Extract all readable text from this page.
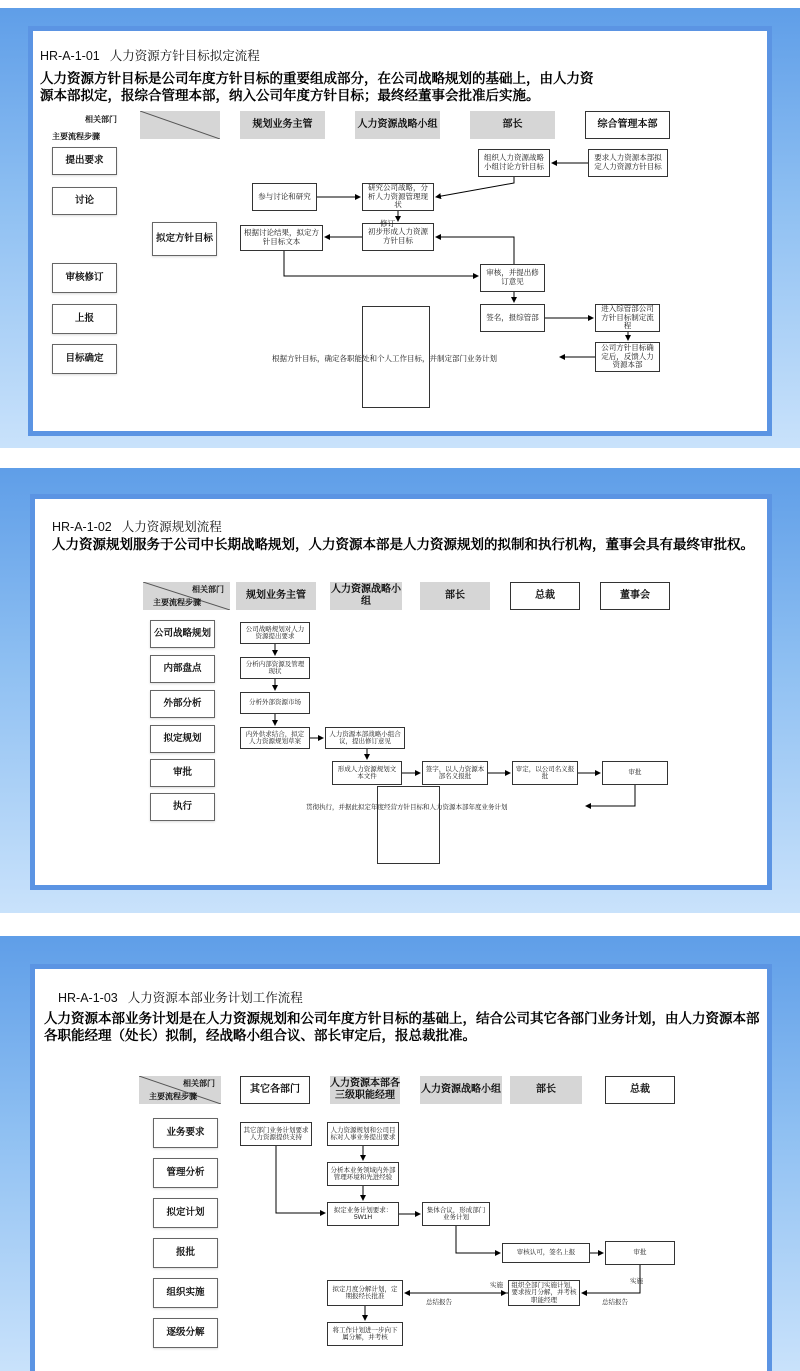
HR-A-1-01 人力资源方针目标拟定流程
人力资源方针目标是公司年度方针目标的重要组成部分，在公司战略规划的基础上，由人力资源本部拟定，报综合管理本部，纳入公司年度方针目标；最终经董事会批准后实施。
相关部门
主要流程步骤
规划业务主管	人力资源战略小组	部长	综合管理本部
提出要求
讨论
拟定方针目标
审核修订
上报
目标确定
要求人力资源本部拟定人力资源方针目标
组织人力资源战略小组讨论方针目标
参与讨论和研究
研究公司战略，分析人力资源管理现状
根据讨论结果，拟定方针目标文本
初步形成人力资源方针目标
修订
审核，并提出修订意见
签名，报综管部
进入综管部公司方针目标制定流程
公司方针目标确定后，反馈人力资源本部
根据方针目标，确定各职能处和个人工作目标，并制定部门业务计划
HR-A-1-02 人力资源规划流程
人力资源规划服务于公司中长期战略规划，人力资源本部是人力资源规划的拟制和执行机构，董事会具有最终审批权。
相关部门
主要流程步骤
规划业务主管
人力资源战略小组
部长	总裁	董事会
公司战略规划
内部盘点
外部分析
拟定规划
审批
执行
公司战略规划对人力资源提出要求
分析内部资源及管理现状
分析外部资源市场
内外供求结合，拟定人力资源规划草案
人力资源本部战略小组合议，提出修订意见
形成人力资源规划文本文件
签字，以人力资源本部名义报批
审定，以公司名义报批
审批
贯彻执行，并据此拟定年度经营方针目标和人力资源本部年度业务计划
HR-A-1-03 人力资源本部业务计划工作流程
人力资源本部业务计划是在人力资源规划和公司年度方针目标的基础上，结合公司其它各部门业务计划，由人力资源本部各职能经理（处长）拟制，经战略小组合议、部长审定后，报总裁批准。
相关部门
主要流程步骤
其它各部门
人力资源本部各三级职能经理
人力资源战略小组	部长	总裁
业务要求
管理分析
拟定计划
报批
组织实施
逐级分解
其它部门业务计划要求人力资源提供支持
人力资源规划和公司目标对人事业务提出要求
分析本业务领域内外部管理环境和先进经验
拟定业务计划要求：5W1H
集体合议，形成部门业务计划
审核认可，签名上报	审批
拟定月度分解计划，定期报经长批准
组织全部门实施计划，要求按月分解，并考核职能经理
将工作计划进一步向下属分解，并考核
实施
实施
总结报告	总结报告
